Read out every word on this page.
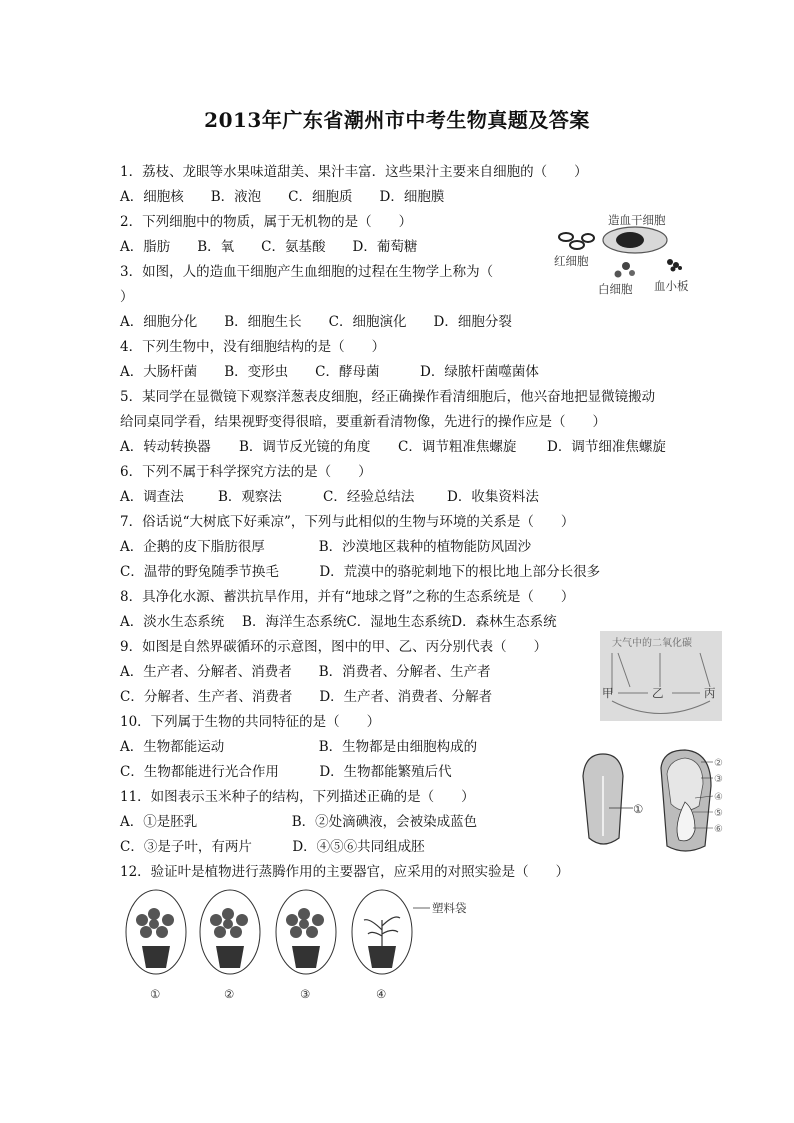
2013年广东省潮州市中考生物真题及答案
1．荔枝、龙眼等水果味道甜美、果汁丰富．这些果汁主要来自细胞的（　　）
A．细胞核　　B．液泡　　C．细胞质　　D．细胞膜
2．下列细胞中的物质，属于无机物的是（　　）
A．脂肪　　B．氧　　C．氨基酸　　D．葡萄糖
3．如图，人的造血干细胞产生血细胞的过程在生物学上称为（
）
A．细胞分化　　B．细胞生长　　C．细胞演化　　D．细胞分裂
4．下列生物中，没有细胞结构的是（　　）
A．大肠杆菌　　B．变形虫　　C．酵母菌　　　D．绿脓杆菌噬菌体
5．某同学在显微镜下观察洋葱表皮细胞，经正确操作看清细胞后，他兴奋地把显微镜搬动
给同桌同学看，结果视野变得很暗，要重新看清物像，先进行的操作应是（　　）
A．转动转换器 B．调节反光镜的角度 C．调节粗准焦螺旋 D．调节细准焦螺旋
6．下列不属于科学探究方法的是（　　）
A．调查法	B．观察法	C．经验总结法 D．收集资料法
7．俗话说“大树底下好乘凉”，下列与此相似的生物与环境的关系是（　　）
A．企鹅的皮下脂肪很厚　　　　B．沙漠地区栽种的植物能防风固沙
C．温带的野兔随季节换毛　　　D．荒漠中的骆驼刺地下的根比地上部分长很多
8．具净化水源、蓄洪抗旱作用，并有“地球之肾”之称的生态系统是（　　）
A．淡水生态系统　 B．海洋生态系统C．湿地生态系统D．森林生态系统
9．如图是自然界碳循环的示意图，图中的甲、乙、丙分别代表（　　）
A．生产者、分解者、消费者　　B．消费者、分解者、生产者
C．分解者、生产者、消费者　　D．生产者、消费者、分解者
10．下列属于生物的共同特征的是（　　）
A．生物都能运动　　　　　　　B．生物都是由细胞构成的
C．生物都能进行光合作用　　　D．生物都能繁殖后代
11．如图表示玉米种子的结构，下列描述正确的是（　　）
A．①是胚乳　　　　　　　B．②处滴碘液，会被染成蓝色
C．③是子叶，有两片　　　D．④⑤⑥共同组成胚
12．验证叶是植物进行蒸腾作用的主要器官，应采用的对照实验是（　　）
造血干细胞
红细胞
白细胞 血小板
大气中的二氧化碳
甲	乙	丙
①
②
③
④
⑤
⑥
塑料袋
①	②	③	④
